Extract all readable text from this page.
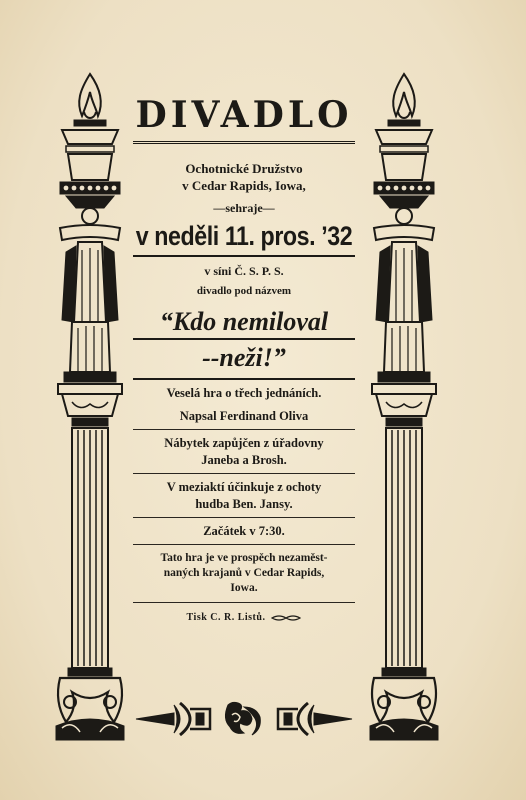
DIVADLO

Ochotnické Družstvo

v Cedar Rapids, Iowa,

—sehraje—

v neděli 11. pros. ’32

v síni Č. S. P. S.

divadlo pod názvem

“Kdo nemiloval
--neži!”
Veselá hra o třech jednáních.
Napsal Ferdinand Oliva
Nábytek zapůjčen z úřadovny
Janeba a Brosh.
V meziaktí účinkuje z ochoty
hudba Ben. Jansy.
Začátek v 7:30.
Tato hra je ve prospěch nezaměst-
naných krajanů v Cedar Rapids,
Iowa.
Tisk C. R. Listů.
